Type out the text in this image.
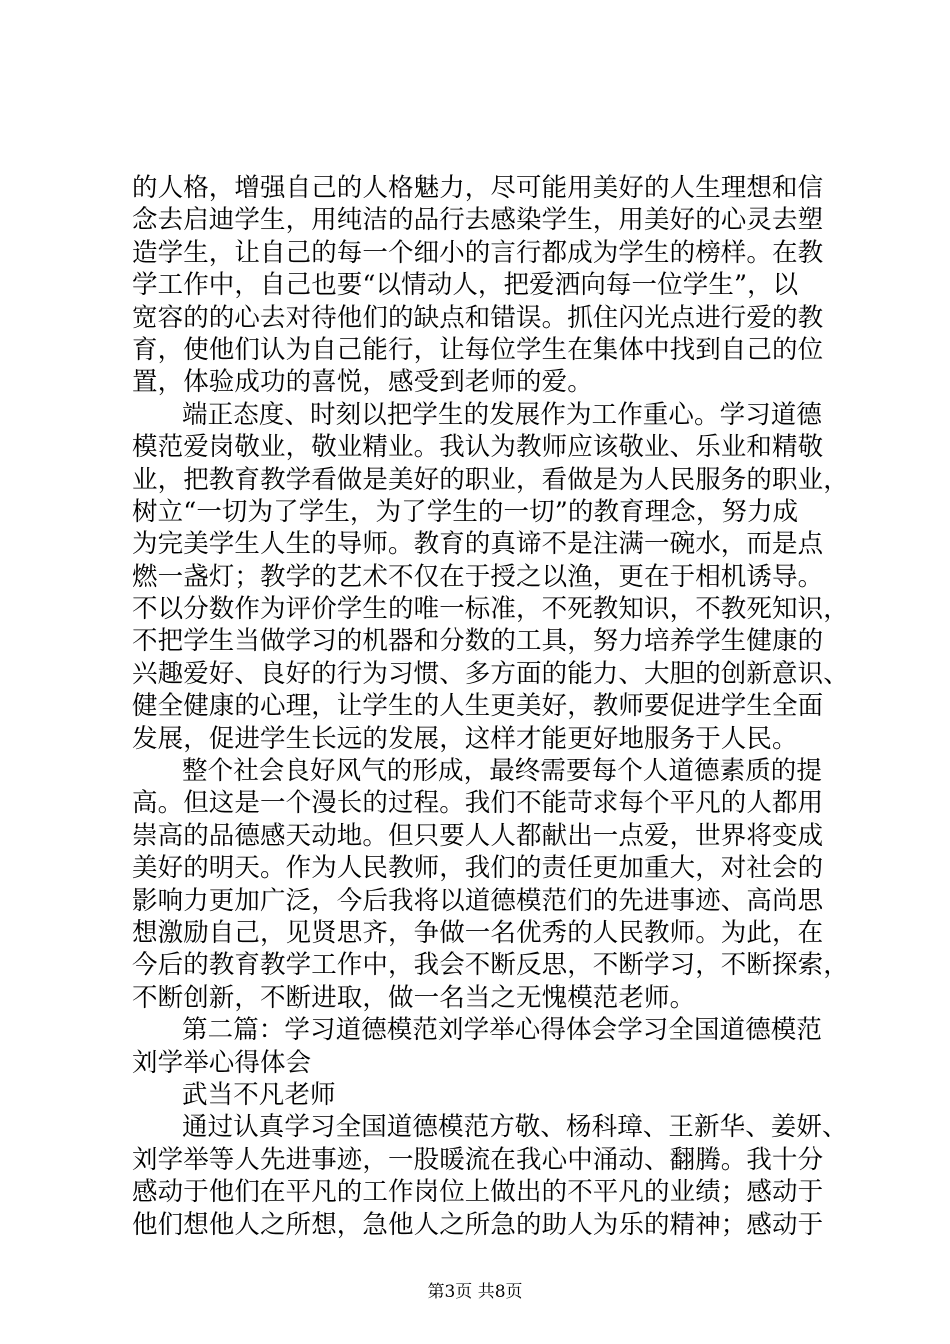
的人格，增强自己的人格魅力，尽可能用美好的人生理想和信
念去启迪学生，用纯洁的品行去感染学生，用美好的心灵去塑
造学生，让自己的每一个细小的言行都成为学生的榜样。在教
学工作中，自己也要“以情动人，把爱洒向每一位学生”，以
宽容的的心去对待他们的缺点和错误。抓住闪光点进行爱的教
育，使他们认为自己能行，让每位学生在集体中找到自己的位
置，体验成功的喜悦，感受到老师的爱。
端正态度、时刻以把学生的发展作为工作重心。学习道德
模范爱岗敬业，敬业精业。我认为教师应该敬业、乐业和精敬
业，把教育教学看做是美好的职业，看做是为人民服务的职业，
树立“一切为了学生，为了学生的一切”的教育理念，努力成
为完美学生人生的导师。教育的真谛不是注满一碗水，而是点
燃一盏灯；教学的艺术不仅在于授之以渔，更在于相机诱导。
不以分数作为评价学生的唯一标准，不死教知识，不教死知识，
不把学生当做学习的机器和分数的工具，努力培养学生健康的
兴趣爱好、良好的行为习惯、多方面的能力、大胆的创新意识、
健全健康的心理，让学生的人生更美好，教师要促进学生全面
发展，促进学生长远的发展，这样才能更好地服务于人民。
整个社会良好风气的形成，最终需要每个人道德素质的提
高。但这是一个漫长的过程。我们不能苛求每个平凡的人都用
崇高的品德感天动地。但只要人人都献出一点爱，世界将变成
美好的明天。作为人民教师，我们的责任更加重大，对社会的
影响力更加广泛，今后我将以道德模范们的先进事迹、高尚思
想激励自己，见贤思齐，争做一名优秀的人民教师。为此，在
今后的教育教学工作中，我会不断反思，不断学习，不断探索，
不断创新，不断进取，做一名当之无愧模范老师。
第二篇：学习道德模范刘学举心得体会学习全国道德模范
刘学举心得体会
武当不凡老师
通过认真学习全国道德模范方敬、杨科璋、王新华、姜妍、
刘学举等人先进事迹，一股暖流在我心中涌动、翻腾。我十分
感动于他们在平凡的工作岗位上做出的不平凡的业绩；感动于
他们想他人之所想，急他人之所急的助人为乐的精神；感动于
第3页 共8页
